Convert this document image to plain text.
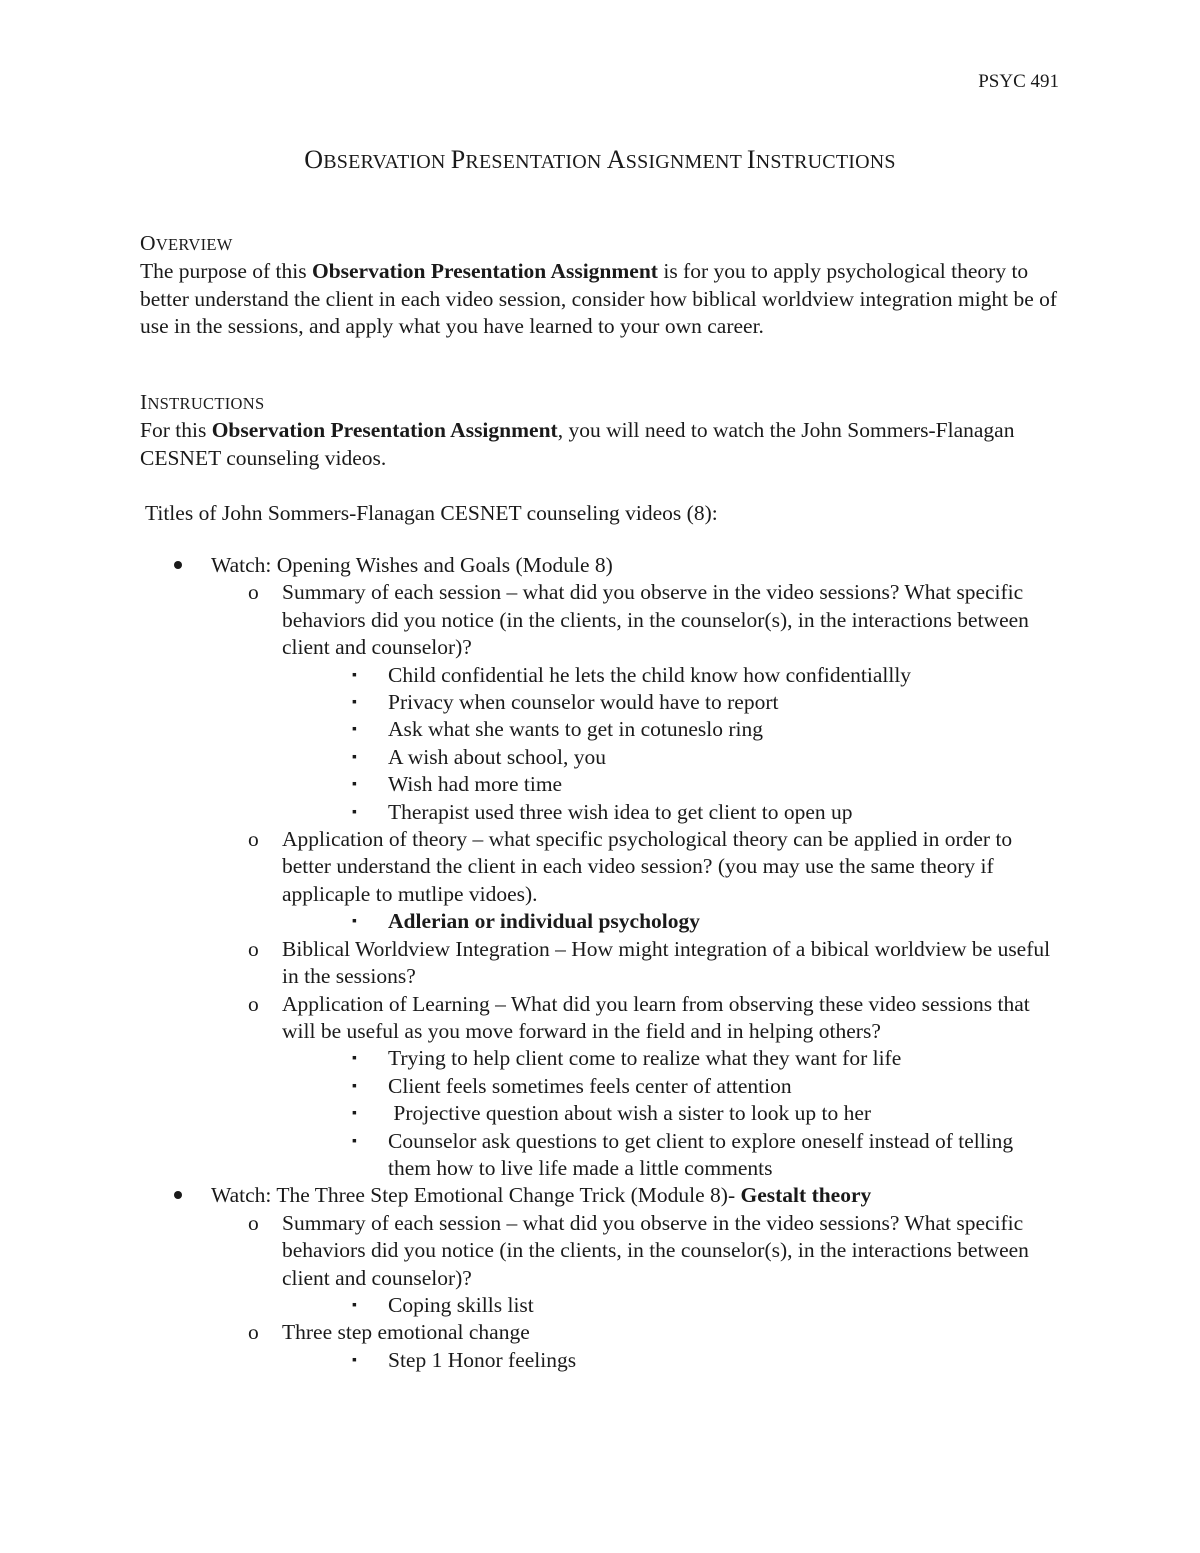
PSYC 491
OBSERVATION PRESENTATION ASSIGNMENT INSTRUCTIONS
OVERVIEW

The purpose of this Observation Presentation Assignment is for you to apply psychological theory to better understand the client in each video session, consider how biblical worldview integration might be of use in the sessions, and apply what you have learned to your own career.

INSTRUCTIONS

For this Observation Presentation Assignment, you will need to watch the John Sommers-Flanagan CESNET counseling videos.

Titles of John Sommers-Flanagan CESNET counseling videos (8):

Watch: Opening Wishes and Goals (Module 8)
o Summary of each session – what did you observe in the video sessions? What specific behaviors did you notice (in the clients, in the counselor(s), in the interactions between client and counselor)?
▪ Child confidential he lets the child know how confidentiallly
▪ Privacy when counselor would have to report
▪ Ask what she wants to get in cotuneslo ring
▪ A wish about school, you
▪ Wish had more time
▪ Therapist used three wish idea to get client to open up
o Application of theory – what specific psychological theory can be applied in order to better understand the client in each video session? (you may use the same theory if applicaple to mutlipe vidoes).
▪ Adlerian or individual psychology
o Biblical Worldview Integration – How might integration of a bibical worldview be useful in the sessions?
o Application of Learning – What did you learn from observing these video sessions that will be useful as you move forward in the field and in helping others?
▪ Trying to help client come to realize what they want for life
▪ Client feels sometimes feels center of attention
▪ Projective question about wish a sister to look up to her
▪ Counselor ask questions to get client to explore oneself instead of telling them how to live life made a little comments
Watch: The Three Step Emotional Change Trick (Module 8)- Gestalt theory
o Summary of each session – what did you observe in the video sessions? What specific behaviors did you notice (in the clients, in the counselor(s), in the interactions between client and counselor)?
▪ Coping skills list
o Three step emotional change
▪ Step 1 Honor feelings
